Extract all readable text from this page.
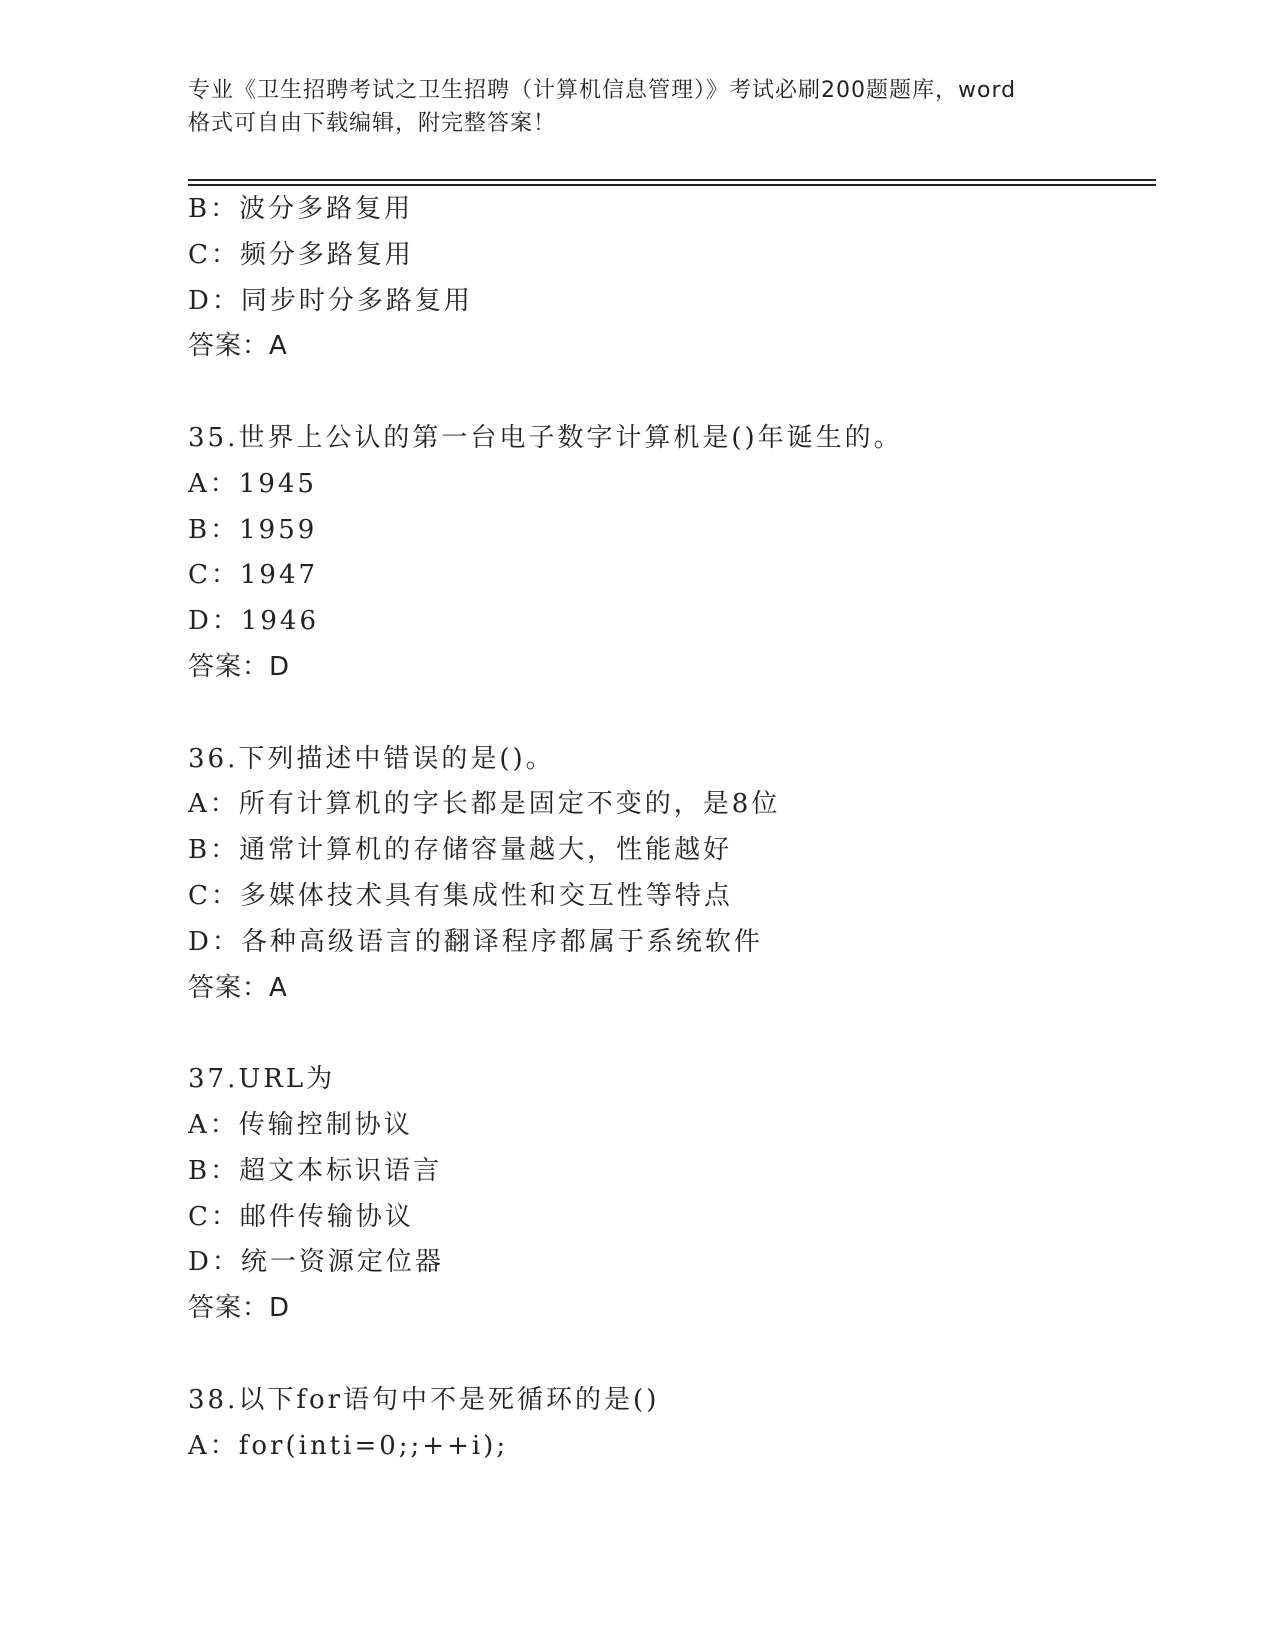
专业《卫生招聘考试之卫生招聘（计算机信息管理）》考试必刷200题题库，word
格式可自由下载编辑，附完整答案！
B：波分多路复用
C：频分多路复用
D：同步时分多路复用
答案：A
35.世界上公认的第一台电子数字计算机是()年诞生的。
A：1945
B：1959
C：1947
D：1946
答案：D
36.下列描述中错误的是()。
A：所有计算机的字长都是固定不变的，是8位
B：通常计算机的存储容量越大，性能越好
C：多媒体技术具有集成性和交互性等特点
D：各种高级语言的翻译程序都属于系统软件
答案：A
37.URL为
A：传输控制协议
B：超文本标识语言
C：邮件传输协议
D：统一资源定位器
答案：D
38.以下for语句中不是死循环的是()
A：for(inti=0;;++i);
